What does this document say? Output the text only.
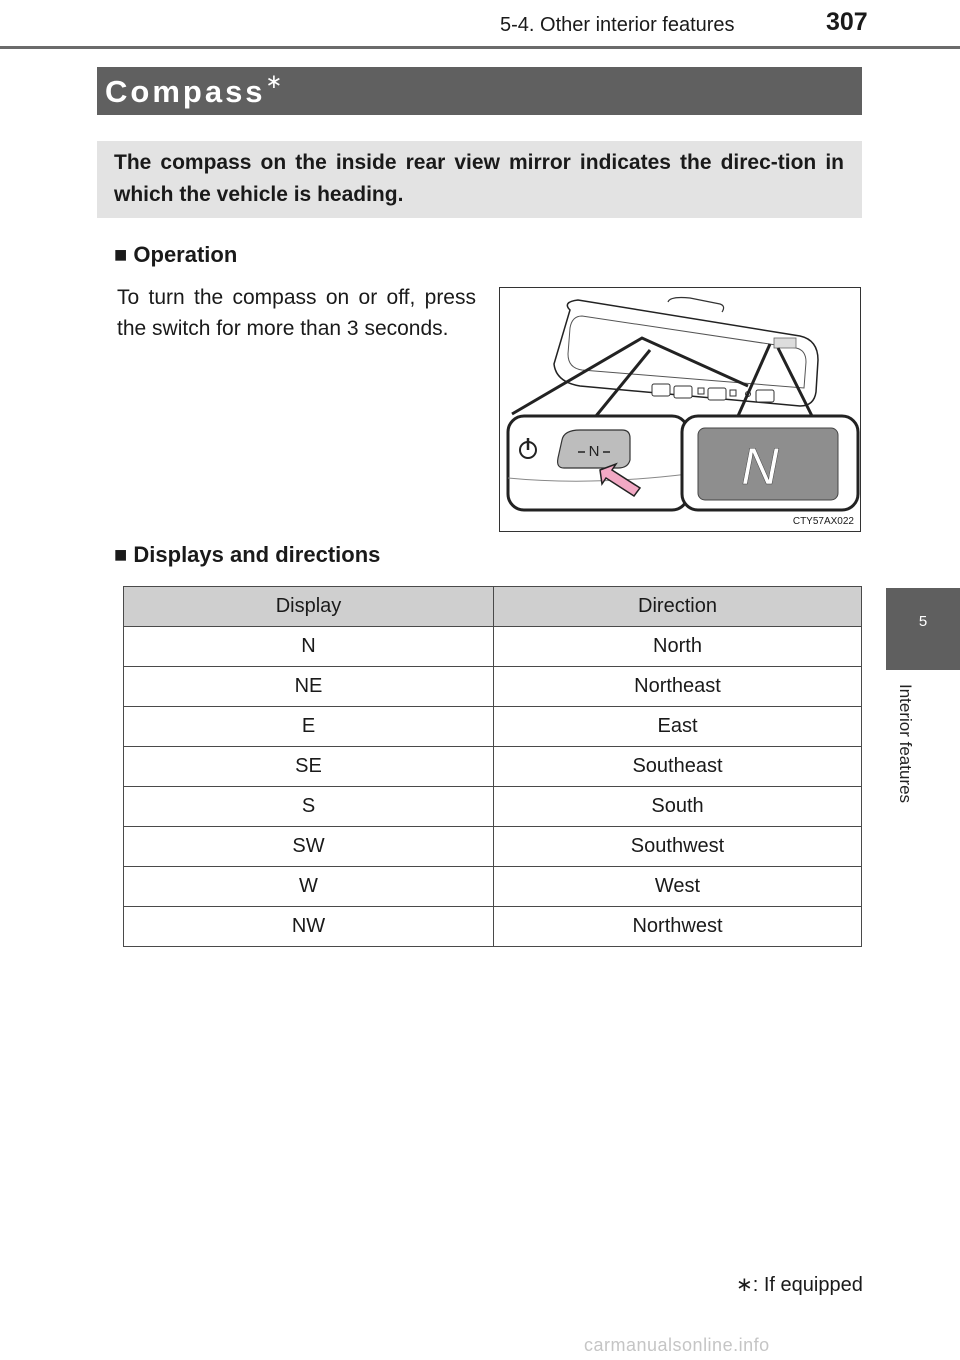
5-4. Other interior features	307
5
Interior features
Compass∗
The compass on the inside rear view mirror indicates the direc-tion in which the vehicle is heading.
■ Operation
To turn the compass on or off, press the switch for more than 3 seconds.
N	N
CTY57AX022
■ Displays and directions
Display	Direction
N	North
NE	Northeast
E	East
SE	Southeast
S	South
SW	Southwest
W	West
NW	Northwest
∗: If equipped
carmanualsonline.info
